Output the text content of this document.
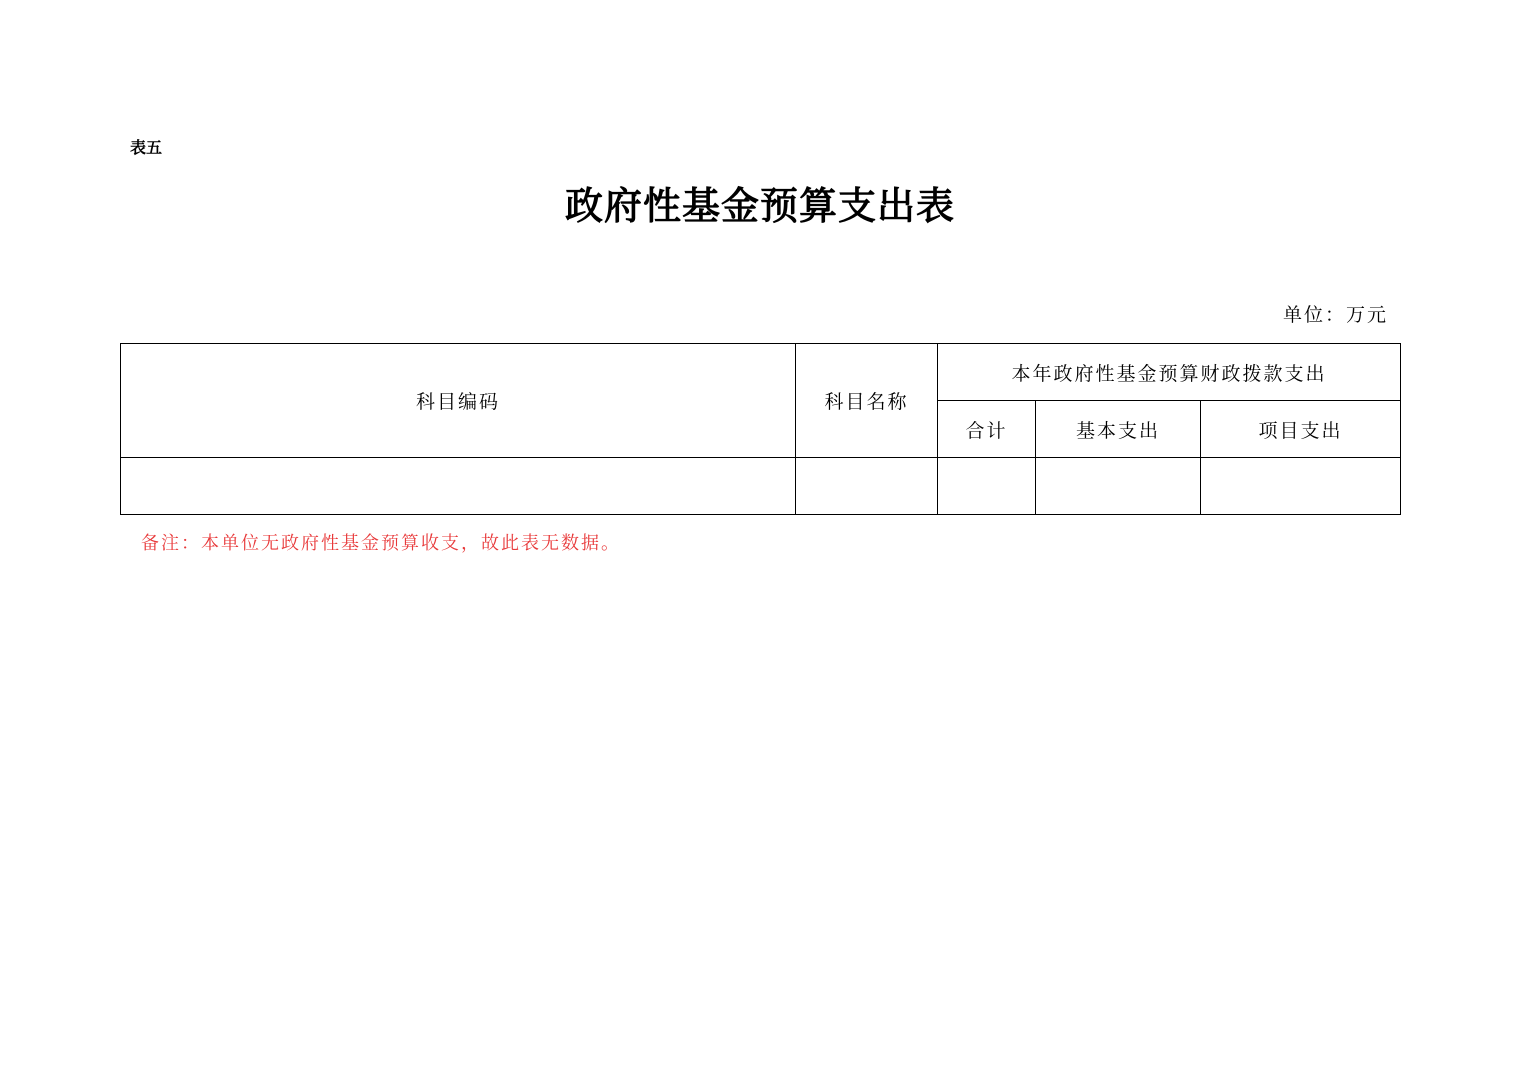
表五
政府性基金预算支出表
单位：万元
科目编码	科目名称	本年政府性基金预算财政拨款支出		
		合计	基本支出	项目支出

备注：本单位无政府性基金预算收支，故此表无数据。
